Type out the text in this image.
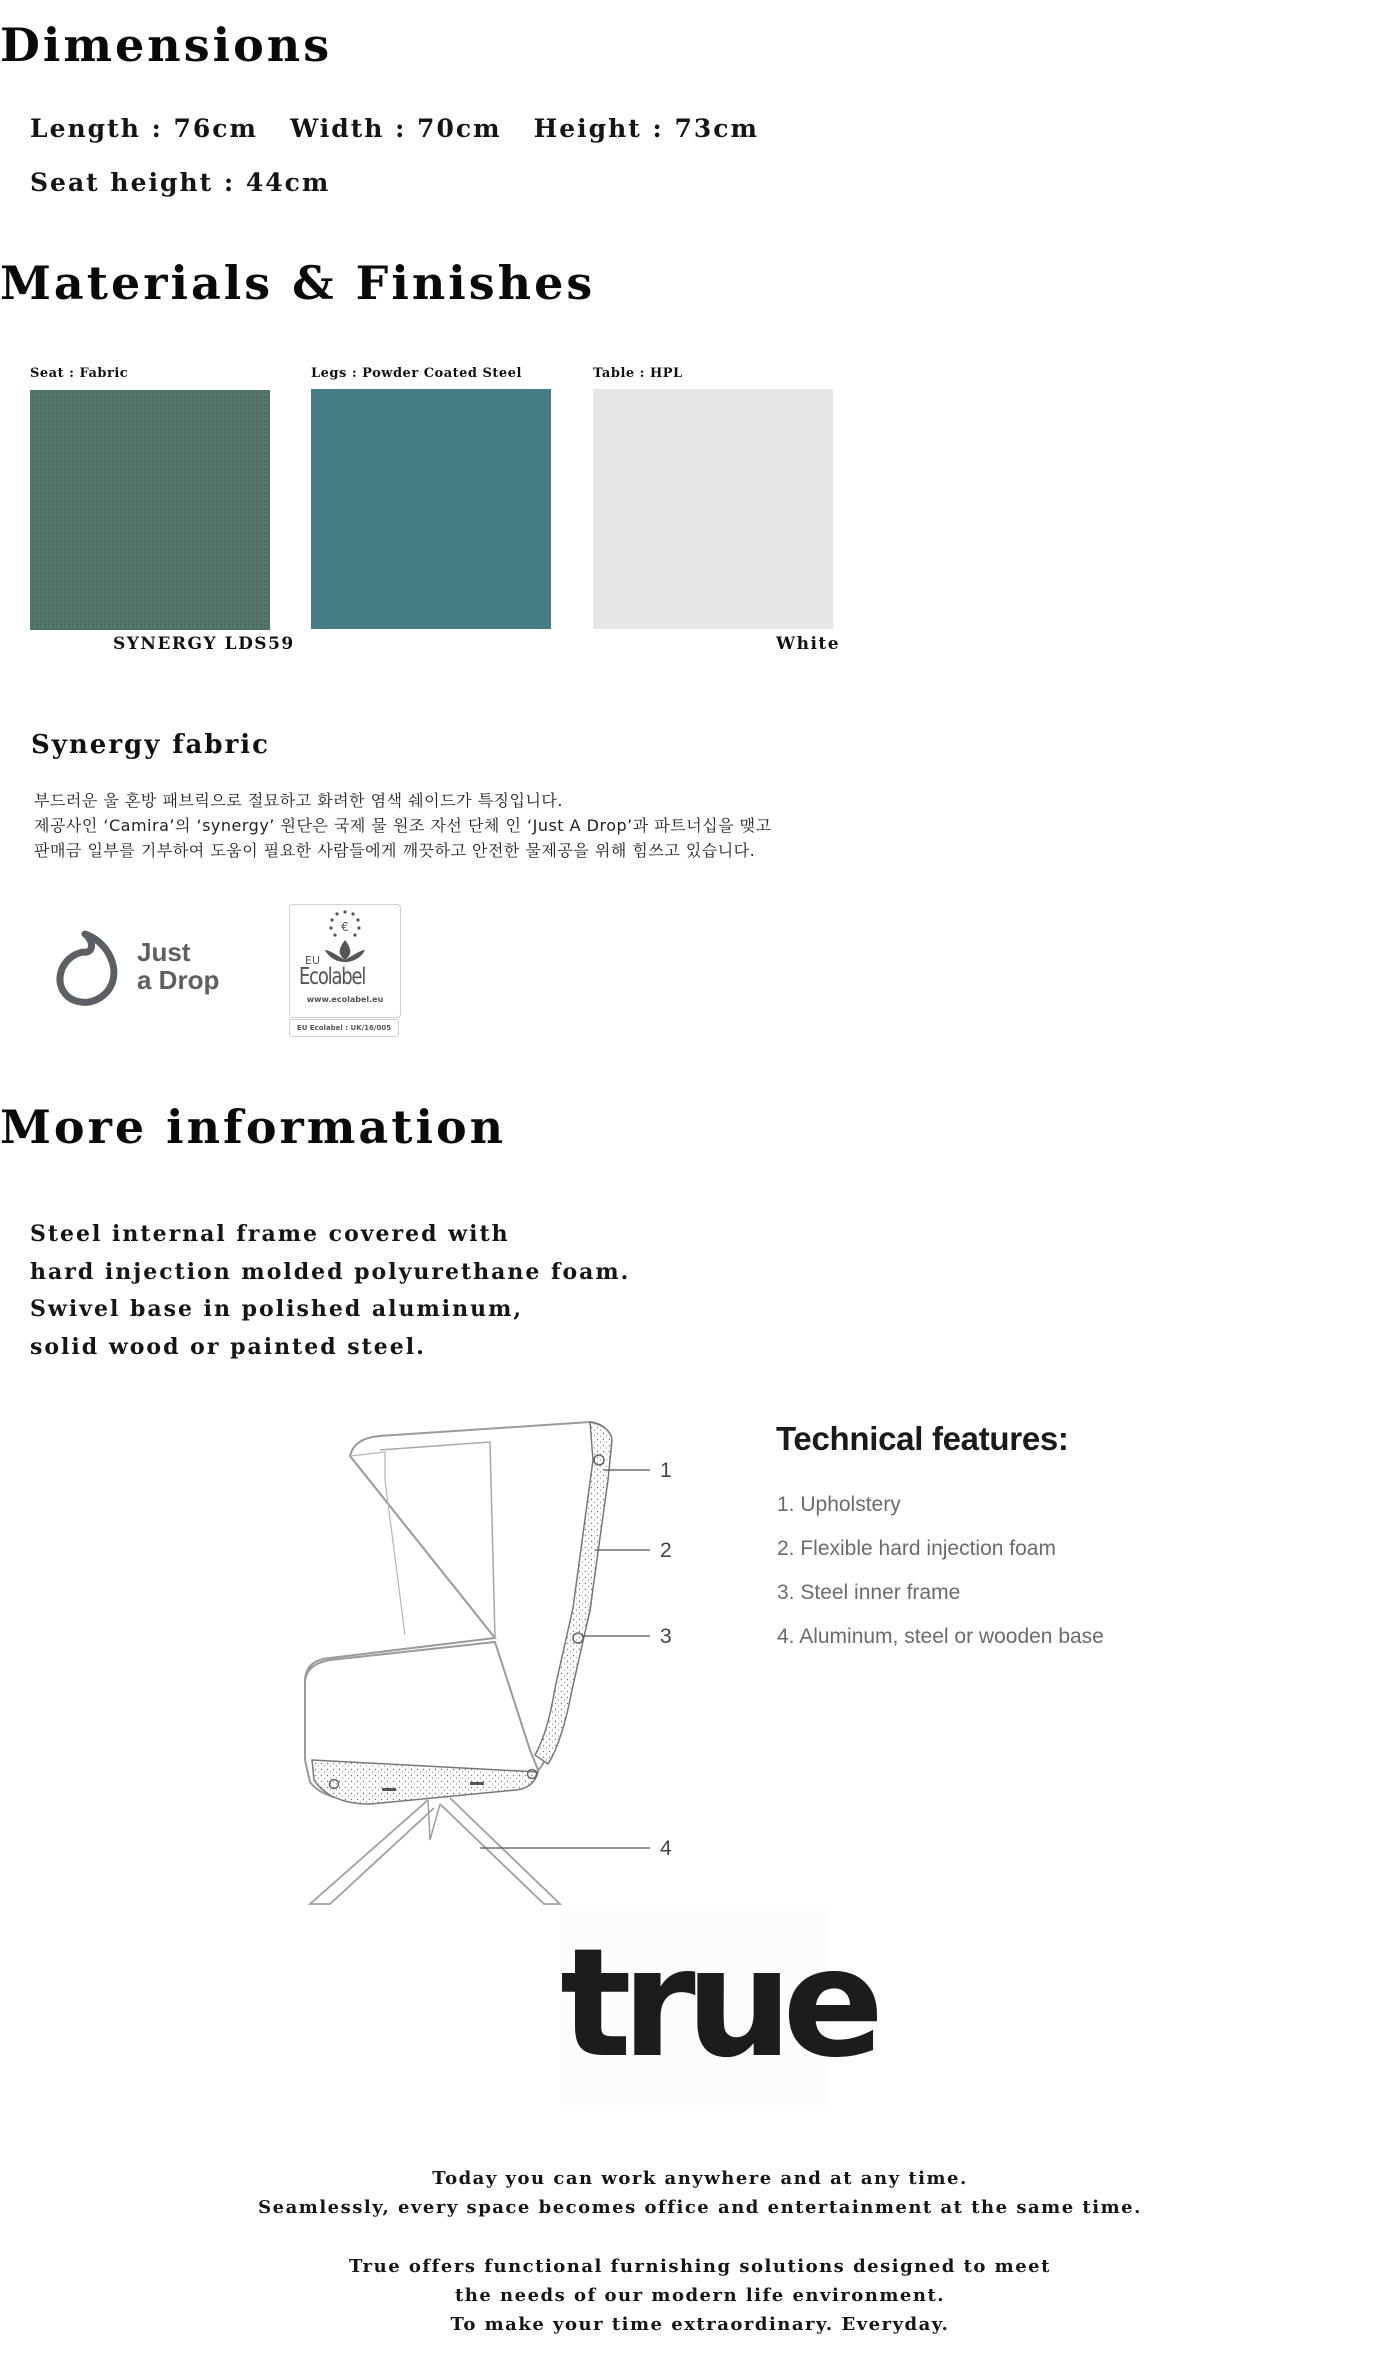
Dimensions
Length : 76cm   Width : 70cm   Height : 73cm
Seat height : 44cm
Materials & Finishes
Seat : Fabric	Legs : Powder Coated Steel	Table : HPL
SYNERGY LDS59	White
Synergy fabric
부드러운 울 혼방 패브릭으로 절묘하고 화려한 염색 쉐이드가 특징입니다.
제공사인 ‘Camira’의 ‘synergy’ 원단은 국제 물 원조 자선 단체 인 ‘Just A Drop’과 파트너십을 맺고
판매금 일부를 기부하여 도움이 필요한 사람들에게 깨끗하고 안전한 물제공을 위해 힘쓰고 있습니다.
Just
a Drop
€
EU
Ecolabel
www.ecolabel.eu
EU Ecolabel : UK/16/005
More information
Steel internal frame covered with
hard injection molded polyurethane foam.
Swivel base in polished aluminum,
solid wood or painted steel.
1
2
3
4
Technical features:
1. Upholstery
2. Flexible hard injection foam
3. Steel inner frame
4. Aluminum, steel or wooden base
true
Today you can work anywhere and at any time.
Seamlessly, every space becomes office and entertainment at the same time.
True offers functional furnishing solutions designed to meet
the needs of our modern life environment.
To make your time extraordinary. Everyday.
